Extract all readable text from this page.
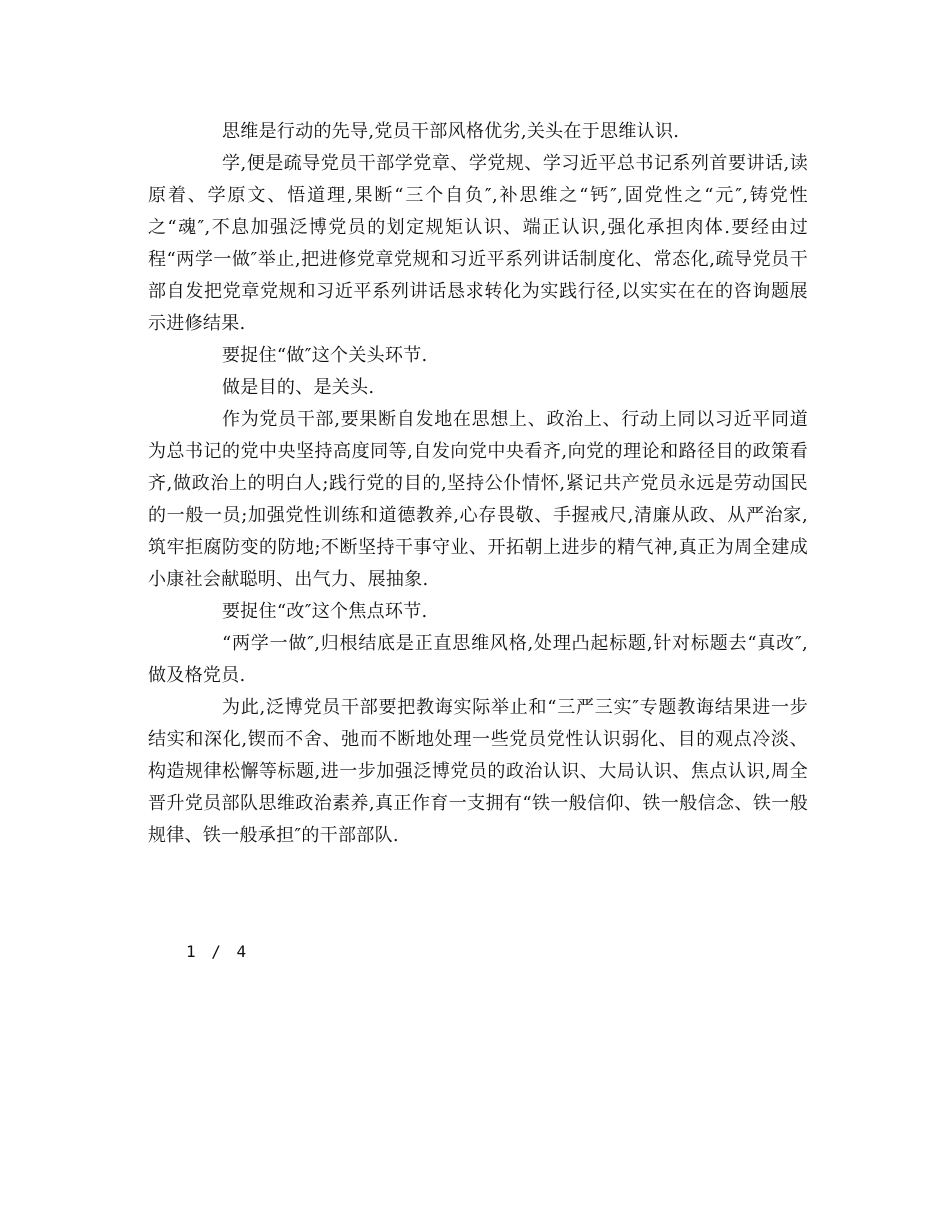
思维是行动的先导,党员干部风格优劣,关头在于思维认识.

学,便是疏导党员干部学党章、学党规、学习近平总书记系列首要讲话,读原着、学原文、悟道理,果断“三个自负″,补思维之“钙″,固党性之“元″,铸党性之“魂″,不息加强泛博党员的划定规矩认识、端正认识,强化承担肉体.要经由过程“两学一做″举止,把进修党章党规和习近平系列讲话制度化、常态化,疏导党员干部自发把党章党规和习近平系列讲话恳求转化为实践行径,以实实在在的咨询题展示进修结果.

要捉住“做″这个关头环节.

做是目的、是关头.

作为党员干部,要果断自发地在思想上、政治上、行动上同以习近平同道为总书记的党中央坚持高度同等,自发向党中央看齐,向党的理论和路径目的政策看齐,做政治上的明白人;践行党的目的,坚持公仆情怀,紧记共产党员永远是劳动国民的一般一员;加强党性训练和道德教养,心存畏敬、手握戒尺,清廉从政、从严治家,筑牢拒腐防变的防地;不断坚持干事守业、开拓朝上进步的精气神,真正为周全建成小康社会献聪明、出气力、展抽象.

要捉住“改″这个焦点环节.

“两学一做″,归根结底是正直思维风格,处理凸起标题,针对标题去“真改″,做及格党员.

为此,泛博党员干部要把教诲实际举止和“三严三实″专题教诲结果进一步结实和深化,锲而不舍、弛而不断地处理一些党员党性认识弱化、目的观点冷淡、构造规律松懈等标题,进一步加强泛博党员的政治认识、大局认识、焦点认识,周全晋升党员部队思维政治素养,真正作育一支拥有“铁一般信仰、铁一般信念、铁一般规律、铁一般承担″的干部部队.

1 / 4
